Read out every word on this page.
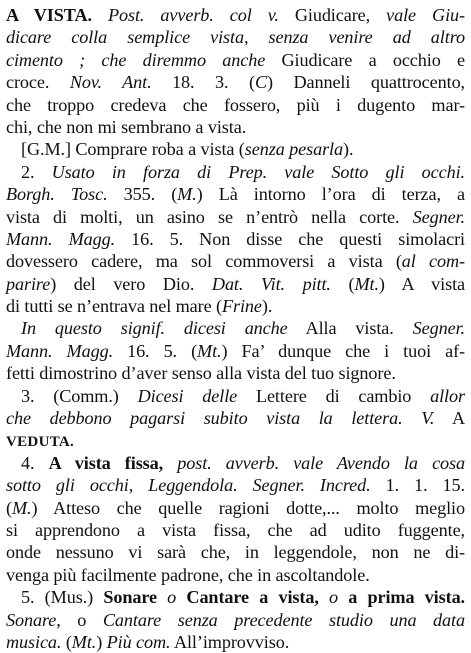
A VISTA. Post. avverb. col v. Giudicare, vale Giu-
dicare colla semplice vista, senza venire ad altro
cimento ; che diremmo anche Giudicare a occhio e
croce. Nov. Ant. 18. 3. (C) Danneli quattrocento,
che troppo credeva che fossero, più i dugento mar-
chi, che non mi sembrano a vista.
[G.M.] Comprare roba a vista (senza pesarla).
2. Usato in forza di Prep. vale Sotto gli occhi.
Borgh. Tosc. 355. (M.) Là intorno l’ora di terza, a
vista di molti, un asino se n’entrò nella corte. Segner.
Mann. Magg. 16. 5. Non disse che questi simolacri
dovessero cadere, ma sol commoversi a vista (al com-
parire) del vero Dio. Dat. Vit. pitt. (Mt.) A vista
di tutti se n’entrava nel mare (Frine).
In questo signif. dicesi anche Alla vista. Segner.
Mann. Magg. 16. 5. (Mt.) Fa’ dunque che i tuoi af-
fetti dimostrino d’aver senso alla vista del tuo signore.
3. (Comm.) Dicesi delle Lettere di cambio allor
che debbono pagarsi subito vista la lettera. V. A
VEDUTA.
4. A vista fissa, post. avverb. vale Avendo la cosa
sotto gli occhi, Leggendola. Segner. Incred. 1. 1. 15.
(M.) Atteso che quelle ragioni dotte,... molto meglio
si apprendono a vista fissa, che ad udito fuggente,
onde nessuno vi sarà che, in leggendole, non ne di-
venga più facilmente padrone, che in ascoltandole.
5. (Mus.) Sonare o Cantare a vista, o a prima vista.
Sonare, o Cantare senza precedente studio una data
musica. (Mt.) Più com. All’improvviso.
